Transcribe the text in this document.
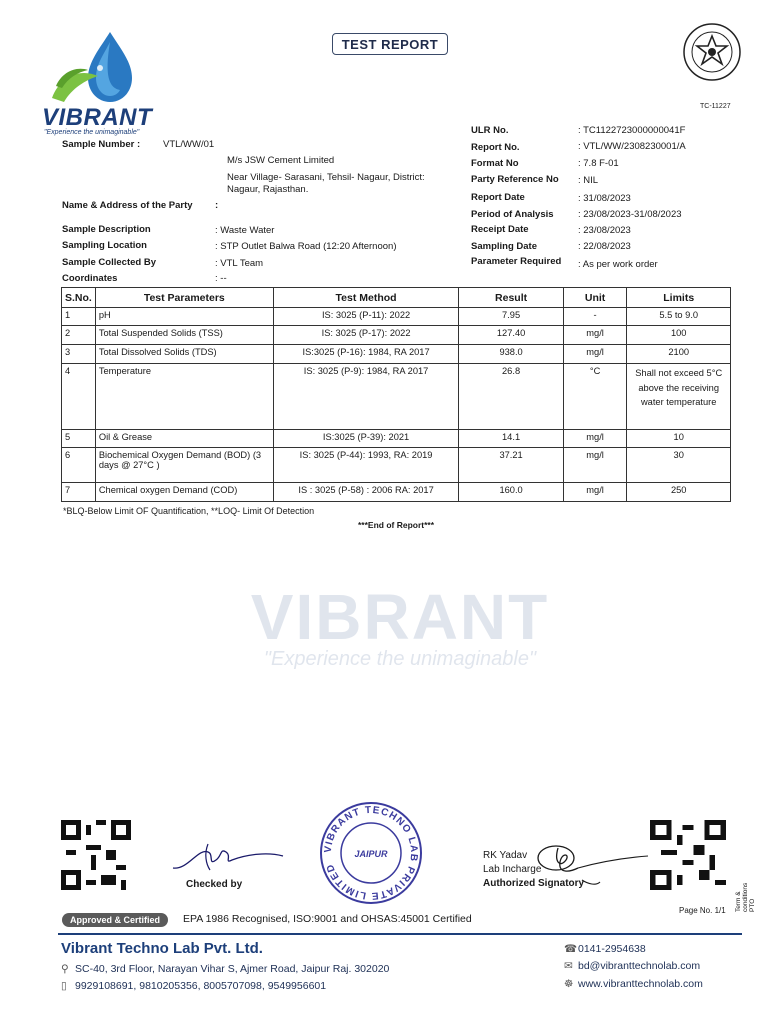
TEST REPORT
VIBRANT
"Experience the unimaginable"
TC-11227
Sample Number : VTL/WW/01
M/s JSW Cement Limited
Near Village- Sarasani, Tehsil- Nagaur, District:
Nagaur, Rajasthan.
Name & Address of the Party :
Sample Description	: Waste Water
Sampling Location	: STP Outlet Balwa Road (12:20 Afternoon)
Sample Collected By	: VTL Team
Coordinates	: --
ULR No.	: TC1122723000000041F
Report No.	: VTL/WW/2308230001/A
Format No	: 7.8 F-01
Party Reference No : NIL
Report Date	: 31/08/2023
Period of Analysis	: 23/08/2023-31/08/2023
Receipt Date	: 23/08/2023
Sampling Date	: 22/08/2023
Parameter Required : As per work order
S.No.	Test Parameters	Test Method	Result	Unit	Limits
1	pH	IS: 3025 (P-11): 2022	7.95	-	5.5 to 9.0
2	Total Suspended Solids (TSS)	IS: 3025 (P-17): 2022	127.40	mg/l	100
3	Total Dissolved Solids (TDS)	IS:3025 (P-16): 1984, RA 2017	938.0	mg/l	2100
4	Temperature	IS: 3025 (P-9): 1984, RA 2017	26.8	°C	Shall not exceed 5°C above the receiving water temperature
5	Oil & Grease	IS:3025 (P-39): 2021	14.1	mg/l	10
6	Biochemical Oxygen Demand (BOD) (3 days @ 27°C )	IS: 3025 (P-44): 1993, RA: 2019	37.21	mg/l	30
7	Chemical oxygen Demand (COD)	IS : 3025 (P-58) : 2006 RA: 2017	160.0	mg/l	250
*BLQ-Below Limit OF Quantification, **LOQ- Limit Of Detection
***End of Report***
VIBRANT
"Experience the unimaginable"
Checked by
VIBRANT TECHNO LAB PRIVATE LIMITED
JAIPUR	RK Yadav
Lab Incharge
Authorized Signatory
Page No. 1/1 Term & conditions PTO
Approved & Certified	EPA 1986 Recognised, ISO:9001 and OHSAS:45001 Certified
Vibrant Techno Lab Pvt. Ltd.
⚲ SC-40, 3rd Floor, Narayan Vihar S, Ajmer Road, Jaipur Raj. 302020
▯ 9929108691, 9810205356, 8005707098, 9549956601
☎0141-2954638
✉ bd@vibranttechnolab.com
☸ www.vibranttechnolab.com
